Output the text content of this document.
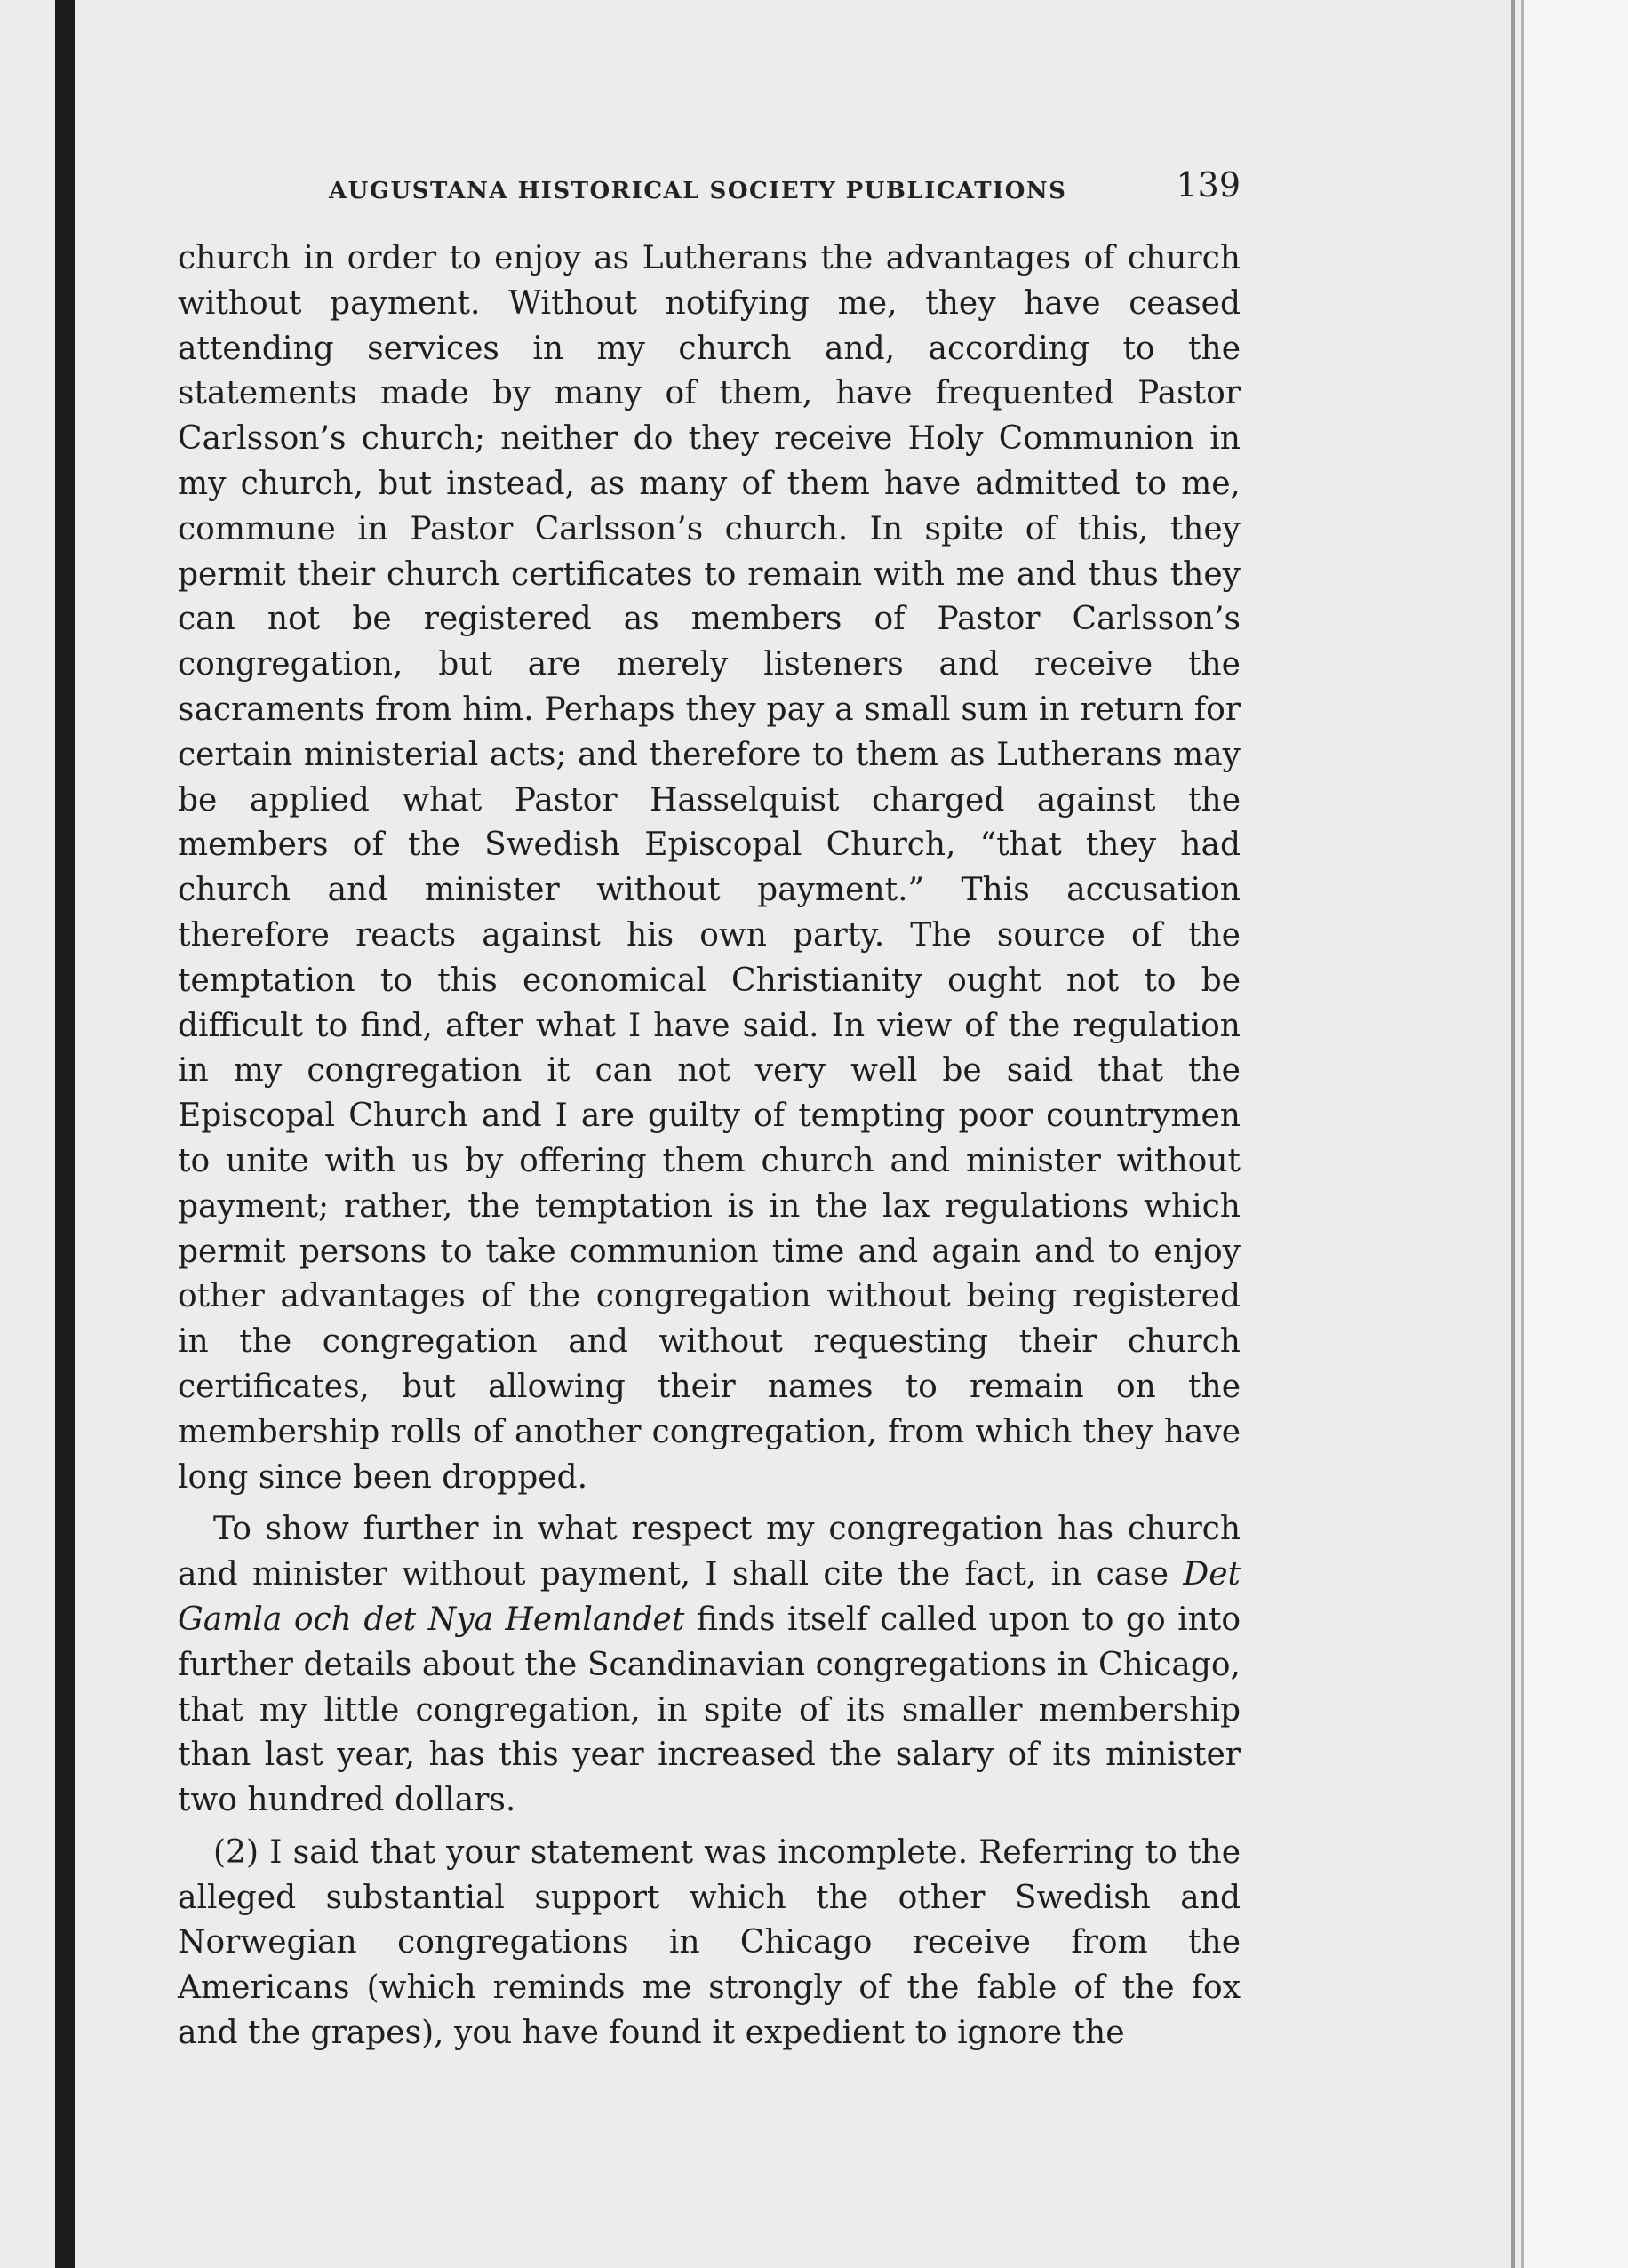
AUGUSTANA HISTORICAL SOCIETY PUBLICATIONS	139

church in order to enjoy as Lutherans the advantages of church without payment. Without notifying me, they have ceased attending services in my church and, according to the statements made by many of them, have frequented Pastor Carlsson’s church; neither do they receive Holy Communion in my church, but instead, as many of them have admitted to me, commune in Pastor Carlsson’s church. In spite of this, they permit their church certificates to remain with me and thus they can not be registered as members of Pastor Carlsson’s congregation, but are merely listeners and receive the sacraments from him. Perhaps they pay a small sum in return for certain ministerial acts; and therefore to them as Lutherans may be applied what Pastor Hasselquist charged against the members of the Swedish Episcopal Church, “that they had church and minister without payment.” This accusation therefore reacts against his own party. The source of the temptation to this economical Christianity ought not to be difficult to find, after what I have said. In view of the regulation in my congregation it can not very well be said that the Episcopal Church and I are guilty of tempting poor countrymen to unite with us by offering them church and minister without payment; rather, the temptation is in the lax regulations which permit persons to take communion time and again and to enjoy other advantages of the congregation without being registered in the congregation and without requesting their church certificates, but allowing their names to remain on the membership rolls of another congregation, from which they have long since been dropped.

To show further in what respect my congregation has church and minister without payment, I shall cite the fact, in case Det Gamla och det Nya Hemlandet finds itself called upon to go into further details about the Scandinavian congregations in Chicago, that my little congregation, in spite of its smaller membership than last year, has this year increased the salary of its minister two hundred dollars.

(2) I said that your statement was incomplete. Referring to the alleged substantial support which the other Swedish and Norwegian congregations in Chicago receive from the Americans (which reminds me strongly of the fable of the fox and the grapes), you have found it expedient to ignore the
